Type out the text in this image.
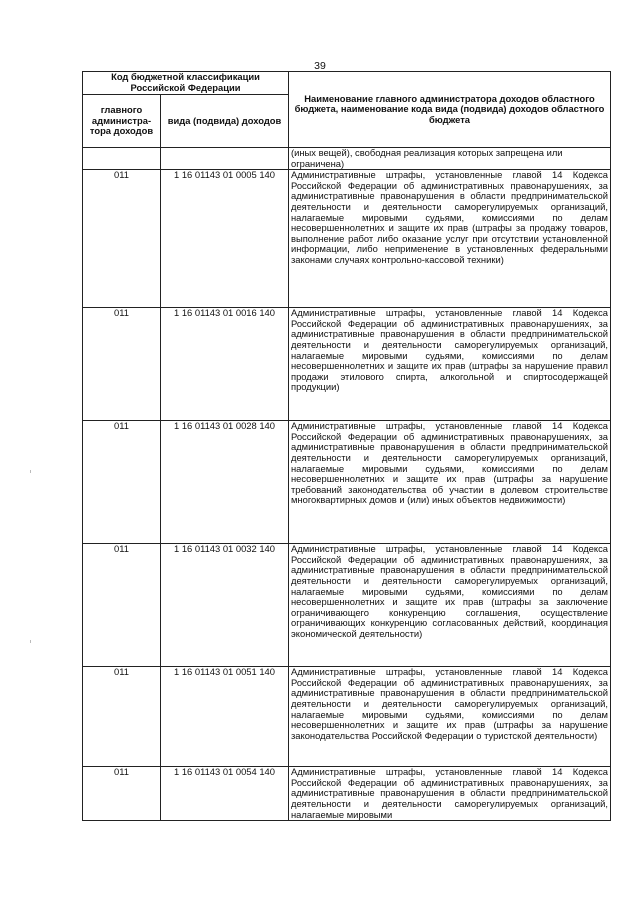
39
Код бюджетной классификации Российской Федерации		Наименование главного администратора доходов областного бюджета, наименование кода вида (подвида) доходов областного бюджета
главного администра-тора доходов	вида (подвида) доходов	
		(иных вещей), свободная реализация которых запрещена или ограничена)
011	1 16 01143 01 0005 140	Административные штрафы, установленные главой 14 Кодекса Российской Федерации об административных правонарушениях, за административные правонарушения в области предпринимательской деятельности и деятельности саморегулируемых организаций, налагаемые мировыми судьями, комиссиями по делам несовершеннолетних и защите их прав (штрафы за продажу товаров, выполнение работ либо оказание услуг при отсутствии установленной информации, либо неприменение в установленных федеральными законами случаях контрольно-кассовой техники)
011	1 16 01143 01 0016 140	Административные штрафы, установленные главой 14 Кодекса Российской Федерации об административных правонарушениях, за административные правонарушения в области предпринимательской деятельности и деятельности саморегулируемых организаций, налагаемые мировыми судьями, комиссиями по делам несовершеннолетних и защите их прав (штрафы за нарушение правил продажи этилового спирта, алкогольной и спиртосодержащей продукции)
011	1 16 01143 01 0028 140	Административные штрафы, установленные главой 14 Кодекса Российской Федерации об административных правонарушениях, за административные правонарушения в области предпринимательской деятельности и деятельности саморегулируемых организаций, налагаемые мировыми судьями, комиссиями по делам несовершеннолетних и защите их прав (штрафы за нарушение требований законодательства об участии в долевом строительстве многоквартирных домов и (или) иных объектов недвижимости)
011	1 16 01143 01 0032 140	Административные штрафы, установленные главой 14 Кодекса Российской Федерации об административных правонарушениях, за административные правонарушения в области предпринимательской деятельности и деятельности саморегулируемых организаций, налагаемые мировыми судьями, комиссиями по делам несовершеннолетних и защите их прав (штрафы за заключение ограничивающего конкуренцию соглашения, осуществление ограничивающих конкуренцию согласованных действий, координация экономической деятельности)
011	1 16 01143 01 0051 140	Административные штрафы, установленные главой 14 Кодекса Российской Федерации об административных правонарушениях, за административные правонарушения в области предпринимательской деятельности и деятельности саморегулируемых организаций, налагаемые мировыми судьями, комиссиями по делам несовершеннолетних и защите их прав (штрафы за нарушение законодательства Российской Федерации о туристской деятельности)
011	1 16 01143 01 0054 140	Административные штрафы, установленные главой 14 Кодекса Российской Федерации об административных правонарушениях, за административные правонарушения в области предпринимательской деятельности и деятельности саморегулируемых организаций, налагаемые мировыми
